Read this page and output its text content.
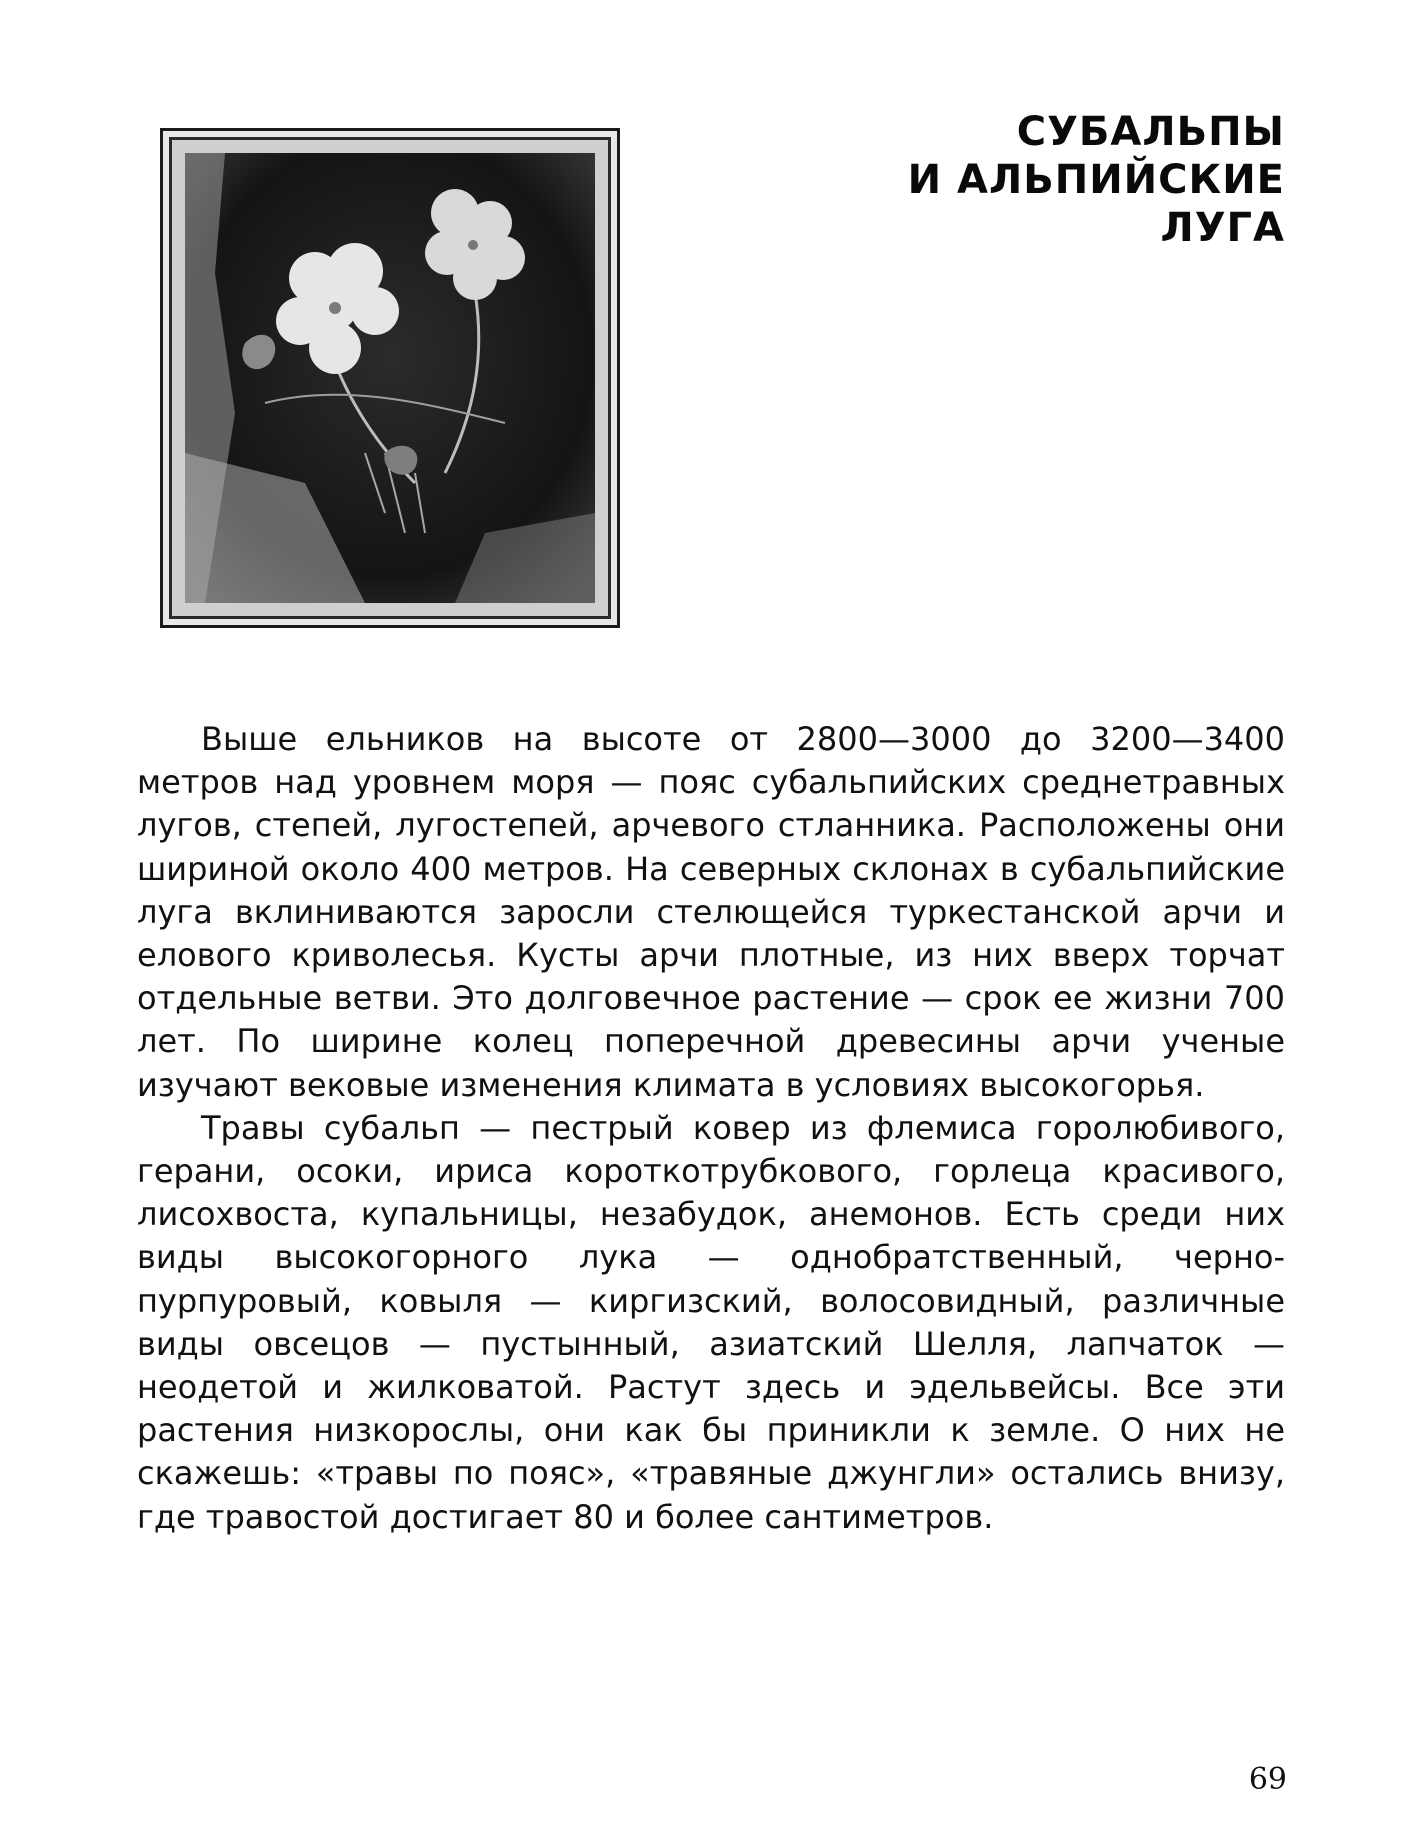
СУБАЛЬПЫ
И АЛЬПИЙСКИЕ
ЛУГА

Выше ельников на высоте от 2800—3000 до 3200—3400 метров над уровнем моря — пояс субальпийских среднетравных лугов, степей, лугостепей, арчевого стланника. Расположены они шириной около 400 метров. На северных склонах в субальпийские луга вклиниваются заросли стелющейся туркестанской арчи и елового криволесья. Кусты арчи плотные, из них вверх торчат отдельные ветви. Это долговечное растение — срок ее жизни 700 лет. По ширине колец поперечной древесины арчи ученые изучают вековые изменения климата в условиях высокогорья.

Травы субальп — пестрый ковер из флемиса горолюбивого, герани, осоки, ириса короткотрубкового, горлеца красивого, лисохвоста, купальницы, незабудок, анемонов. Есть среди них виды высокогорного лука — однобратственный, черно-пурпуровый, ковыля — киргизский, волосовидный, различные виды овсецов — пустынный, азиатский Шелля, лапчаток — неодетой и жилковатой. Растут здесь и эдельвейсы. Все эти растения низкорослы, они как бы приникли к земле. О них не скажешь: «травы по пояс», «травяные джунгли» остались внизу, где травостой достигает 80 и более сантиметров.

69
